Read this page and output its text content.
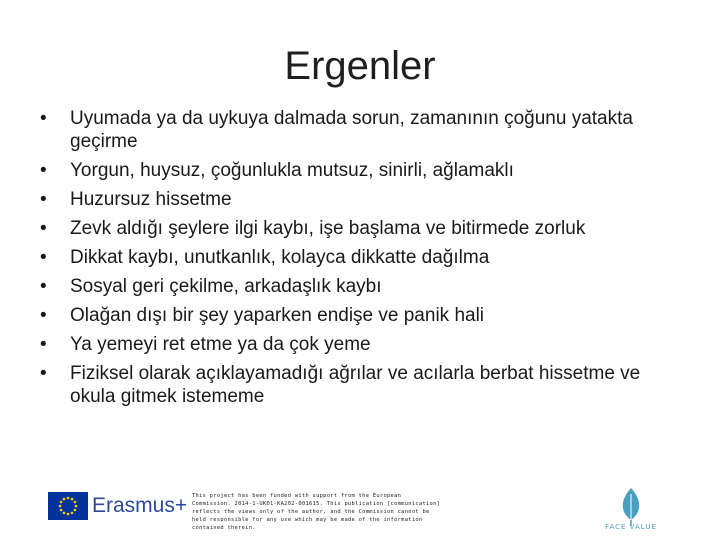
Ergenler
•	Uyumada ya da uykuya dalmada sorun, zamanının çoğunu yatakta geçirme
•	Yorgun, huysuz, çoğunlukla mutsuz, sinirli, ağlamaklı
•	Huzursuz hissetme
•	Zevk aldığı şeylere ilgi kaybı, işe başlama ve bitirmede zorluk
•	Dikkat kaybı, unutkanlık, kolayca dikkatte dağılma
•	Sosyal geri çekilme, arkadaşlık kaybı
•	Olağan dışı bir şey yaparken endişe ve panik hali
•	Ya yemeyi ret etme ya da çok yeme
•	Fiziksel olarak açıklayamadığı ağrılar ve acılarla berbat hissetme ve okula gitmek istememe
Erasmus+ This project has been funded with support from the European Commission. 2014-1-UK01-KA202-001615. This publication [communication] reflects the views only of the author, and the Commission cannot be held responsible for any use which may be made of the information contained therein.	FACE VALUE
